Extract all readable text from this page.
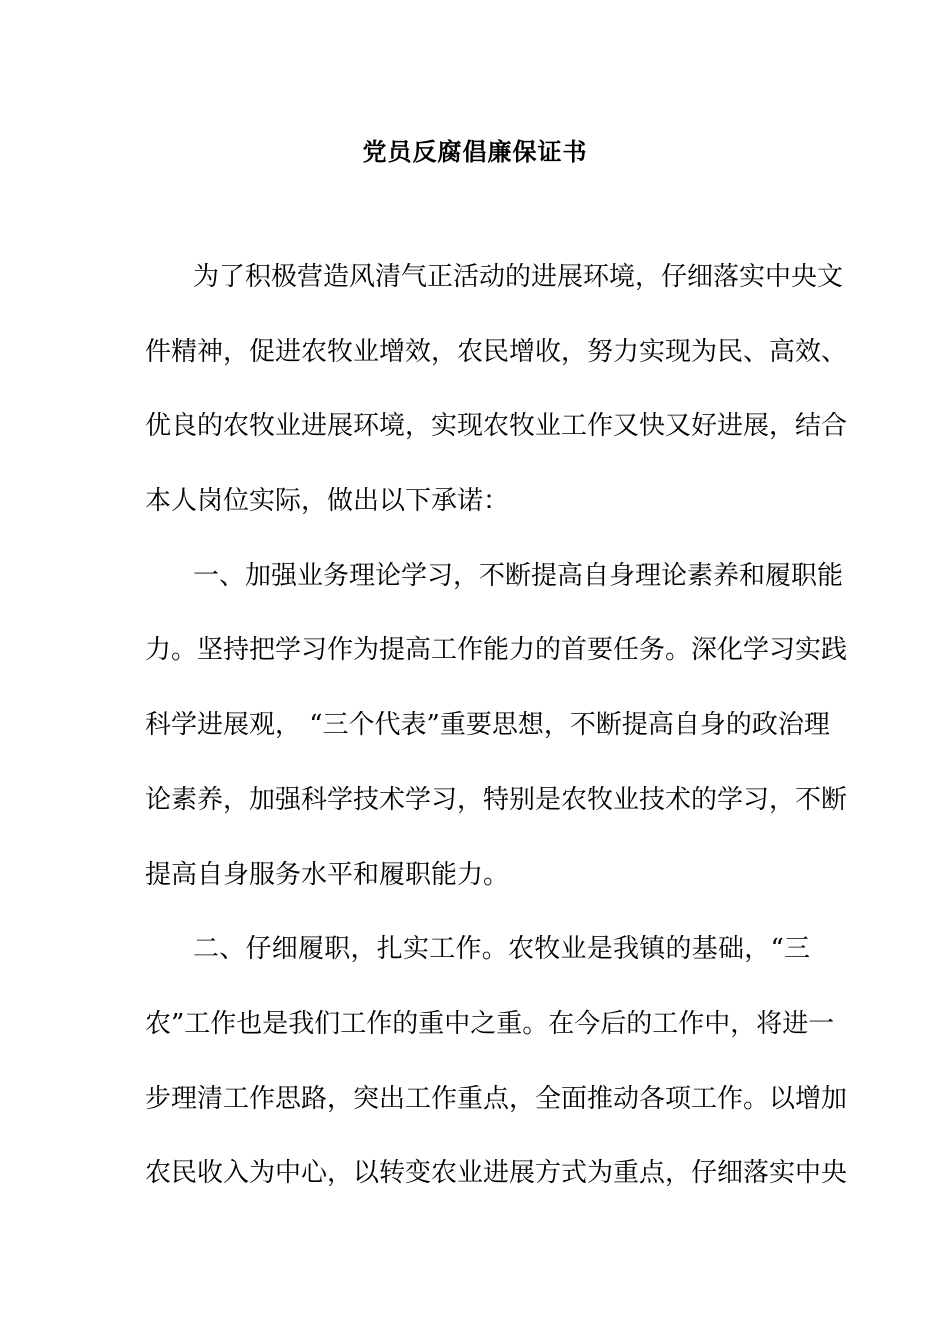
党员反腐倡廉保证书
为了积极营造风清气正活动的进展环境，仔细落实中央文
件精神，促进农牧业增效，农民增收，努力实现为民、高效、
优良的农牧业进展环境，实现农牧业工作又快又好进展，结合
本人岗位实际，做出以下承诺：
一、加强业务理论学习，不断提高自身理论素养和履职能
力。坚持把学习作为提高工作能力的首要任务。深化学习实践
科学进展观， “三个代表”重要思想，不断提高自身的政治理
论素养，加强科学技术学习，特别是农牧业技术的学习，不断
提高自身服务水平和履职能力。
二、仔细履职，扎实工作。农牧业是我镇的基础，“三
农”工作也是我们工作的重中之重。在今后的工作中，将进一
步理清工作思路，突出工作重点，全面推动各项工作。以增加
农民收入为中心，以转变农业进展方式为重点，仔细落实中央
